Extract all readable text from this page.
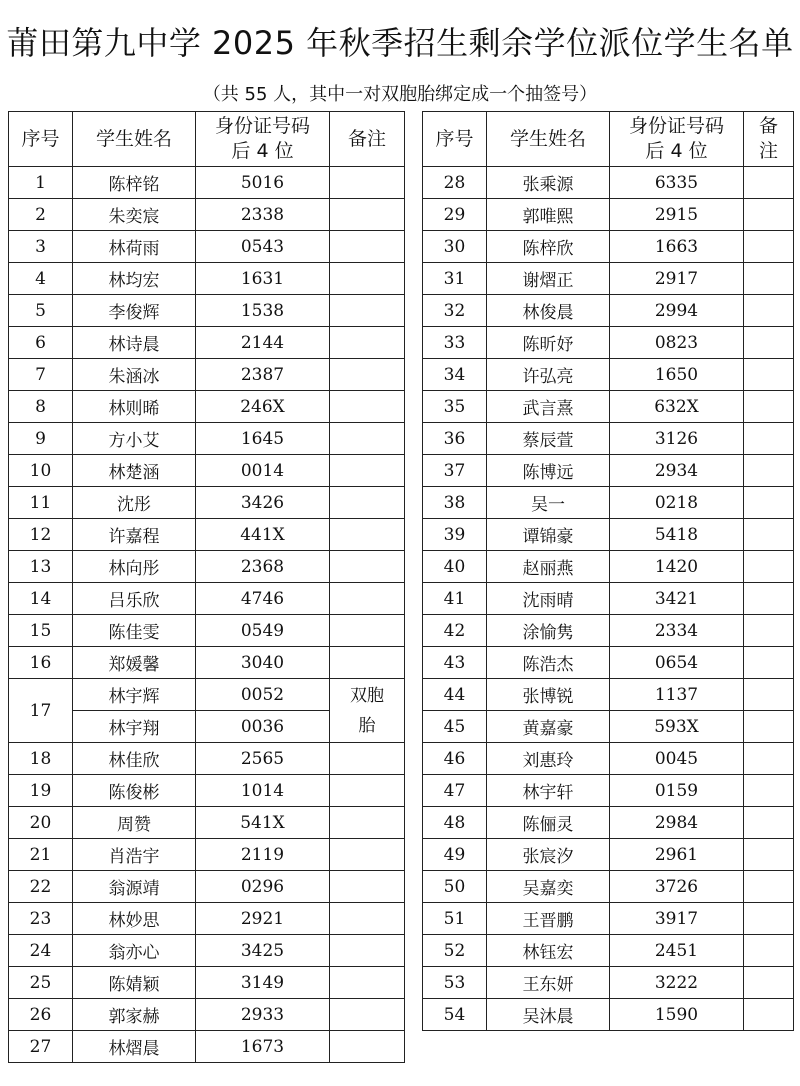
莆田第九中学 2025 年秋季招生剩余学位派位学生名单
（共 55 人，其中一对双胞胎绑定成一个抽签号）
序号	学生姓名	身份证号码
后 4 位	备注
1	陈梓铭	5016	
2	朱奕宸	2338	
3	林荷雨	0543	
4	林均宏	1631	
5	李俊辉	1538	
6	林诗晨	2144	
7	朱涵冰	2387	
8	林则晞	246X	
9	方小艾	1645	
10	林楚涵	0014	
11	沈彤	3426	
12	许嘉程	441X	
13	林向彤	2368	
14	吕乐欣	4746	
15	陈佳雯	0549	
16	郑媛馨	3040	
17	林宇辉	0052	双胞胎
	林宇翔	0036	
18	林佳欣	2565	
19	陈俊彬	1014	
20	周赞	541X	
21	肖浩宇	2119	
22	翁源靖	0296	
23	林妙思	2921	
24	翁亦心	3425	
25	陈婧颖	3149	
26	郭家赫	2933	
27	林熠晨	1673	
序号	学生姓名	身份证号码
后 4 位	备
注

28	张乘源	6335	
29	郭唯熙	2915	
30	陈梓欣	1663	
31	谢熠正	2917	
32	林俊晨	2994	
33	陈昕妤	0823	
34	许弘亮	1650	
35	武言熹	632X	
36	蔡辰萱	3126	
37	陈博远	2934	
38	吴一	0218	
39	谭锦豪	5418	
40	赵丽燕	1420	
41	沈雨晴	3421	
42	涂愉隽	2334	
43	陈浩杰	0654	
44	张博锐	1137	
45	黄嘉豪	593X	
46	刘惠玲	0045	
47	林宇轩	0159	
48	陈俪灵	2984	
49	张宸汐	2961	
50	吴嘉奕	3726	
51	王晋鹏	3917	
52	林钰宏	2451	
53	王东妍	3222	
54	吴沐晨	1590	
